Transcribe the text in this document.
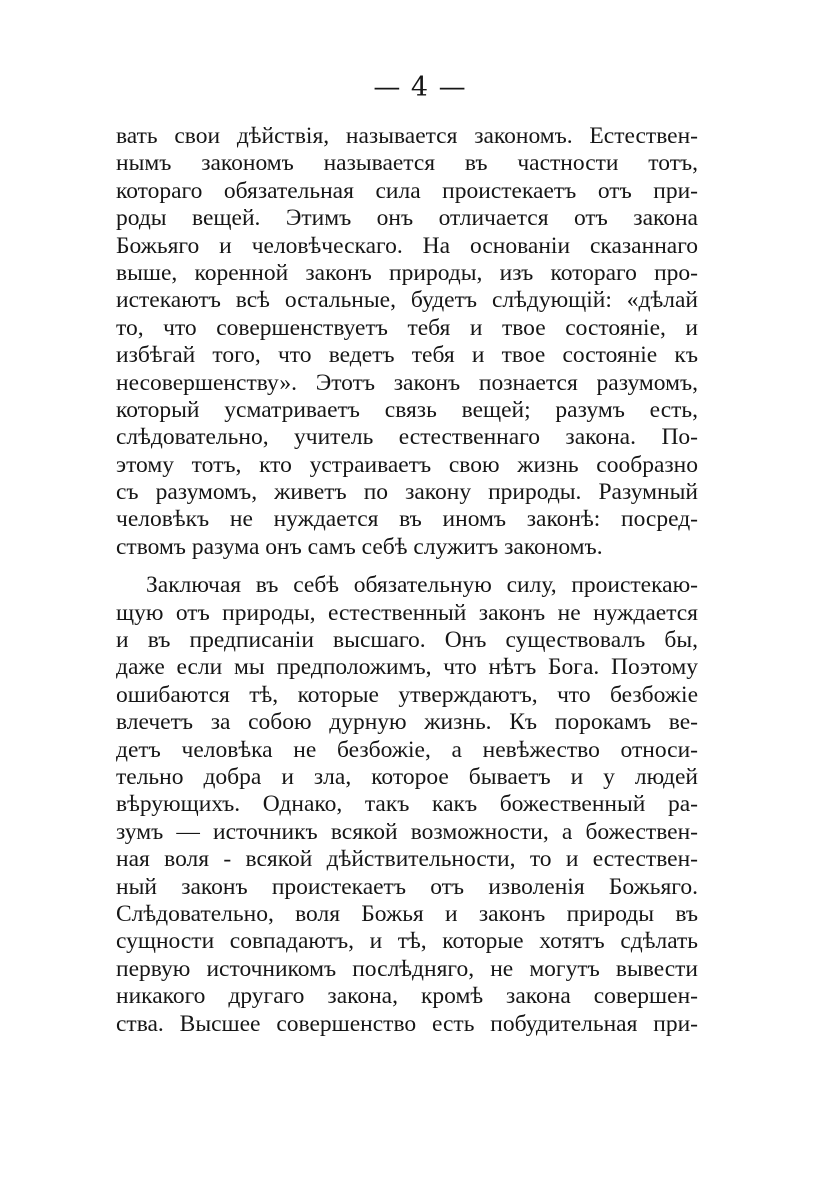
— 4 —
вать свои дѣйствія, называется закономъ. Естествен-
нымъ закономъ называется въ частности тотъ,
котораго обязательная сила проистекаетъ отъ при-
роды вещей. Этимъ онъ отличается отъ закона
Божьяго и человѣческаго. На основаніи сказаннаго
выше, коренной законъ природы, изъ котораго про-
истекаютъ всѣ остальные, будетъ слѣдующій: «дѣлай
то, что совершенствуетъ тебя и твое состояніе, и
избѣгай того, что ведетъ тебя и твое состояніе къ
несовершенству». Этотъ законъ познается разумомъ,
который усматриваетъ связь вещей; разумъ есть,
слѣдовательно, учитель естественнаго закона. По-
этому тотъ, кто устраиваетъ свою жизнь сообразно
съ разумомъ, живетъ по закону природы. Разумный
человѣкъ не нуждается въ иномъ законѣ: посред-
ствомъ разума онъ самъ себѣ служитъ закономъ.
Заключая въ себѣ обязательную силу, проистекаю-
щую отъ природы, естественный законъ не нуждается
и въ предписаніи высшаго. Онъ существовалъ бы,
даже если мы предположимъ, что нѣтъ Бога. Поэтому
ошибаются тѣ, которые утверждаютъ, что безбожіе
влечетъ за собою дурную жизнь. Къ порокамъ ве-
детъ человѣка не безбожіе, а невѣжество относи-
тельно добра и зла, которое бываетъ и у людей
вѣрующихъ. Однако, такъ какъ божественный ра-
зумъ — источникъ всякой возможности, а божествен-
ная воля - всякой дѣйствительности, то и естествен-
ный законъ проистекаетъ отъ изволенія Божьяго.
Слѣдовательно, воля Божья и законъ природы въ
сущности совпадаютъ, и тѣ, которые хотятъ сдѣлать
первую источникомъ послѣдняго, не могутъ вывести
никакого другаго закона, кромѣ закона совершен-
ства. Высшее совершенство есть побудительная при-
